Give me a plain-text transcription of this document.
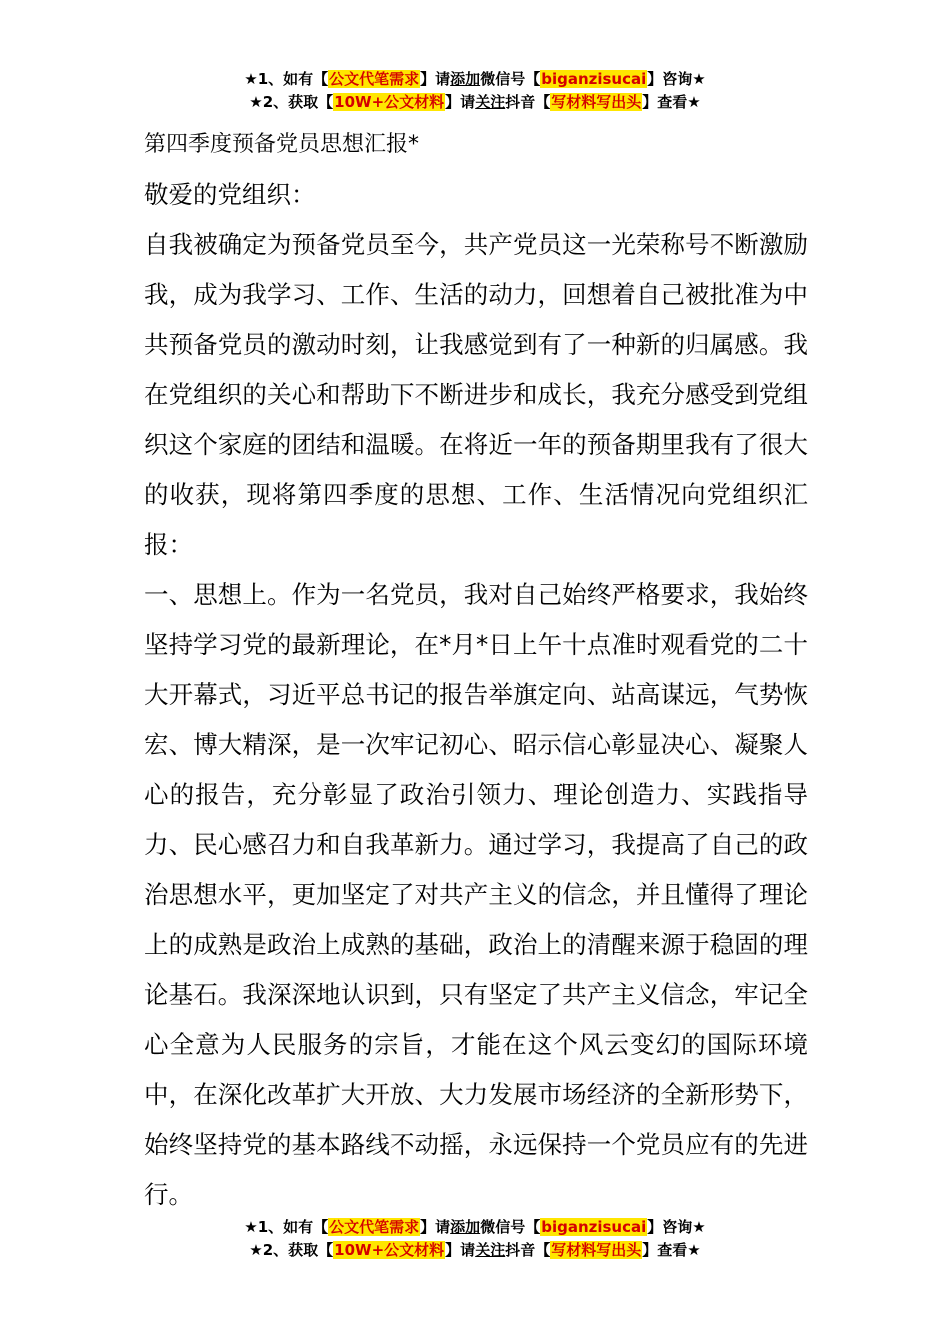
★1、如有【公文代笔需求】请添加微信号【biganzisucai】咨询★
★2、获取【10W+公文材料】请关注抖音【写材料写出头】查看★

第四季度预备党员思想汇报*

敬爱的党组织：

自我被确定为预备党员至今，共产党员这一光荣称号不断激励我，成为我学习、工作、生活的动力，回想着自己被批准为中共预备党员的激动时刻，让我感觉到有了一种新的归属感。我在党组织的关心和帮助下不断进步和成长，我充分感受到党组织这个家庭的团结和温暖。在将近一年的预备期里我有了很大的收获，现将第四季度的思想、工作、生活情况向党组织汇报：

一、思想上。作为一名党员，我对自己始终严格要求，我始终坚持学习党的最新理论，在*月*日上午十点准时观看党的二十大开幕式，习近平总书记的报告举旗定向、站高谋远，气势恢宏、博大精深，是一次牢记初心、昭示信心彰显决心、凝聚人心的报告，充分彰显了政治引领力、理论创造力、实践指导力、民心感召力和自我革新力。通过学习，我提高了自己的政治思想水平，更加坚定了对共产主义的信念，并且懂得了理论上的成熟是政治上成熟的基础，政治上的清醒来源于稳固的理论基石。我深深地认识到，只有坚定了共产主义信念，牢记全心全意为人民服务的宗旨，才能在这个风云变幻的国际环境中，在深化改革扩大开放、大力发展市场经济的全新形势下，始终坚持党的基本路线不动摇，永远保持一个党员应有的先进行。

★1、如有【公文代笔需求】请添加微信号【biganzisucai】咨询★
★2、获取【10W+公文材料】请关注抖音【写材料写出头】查看★
